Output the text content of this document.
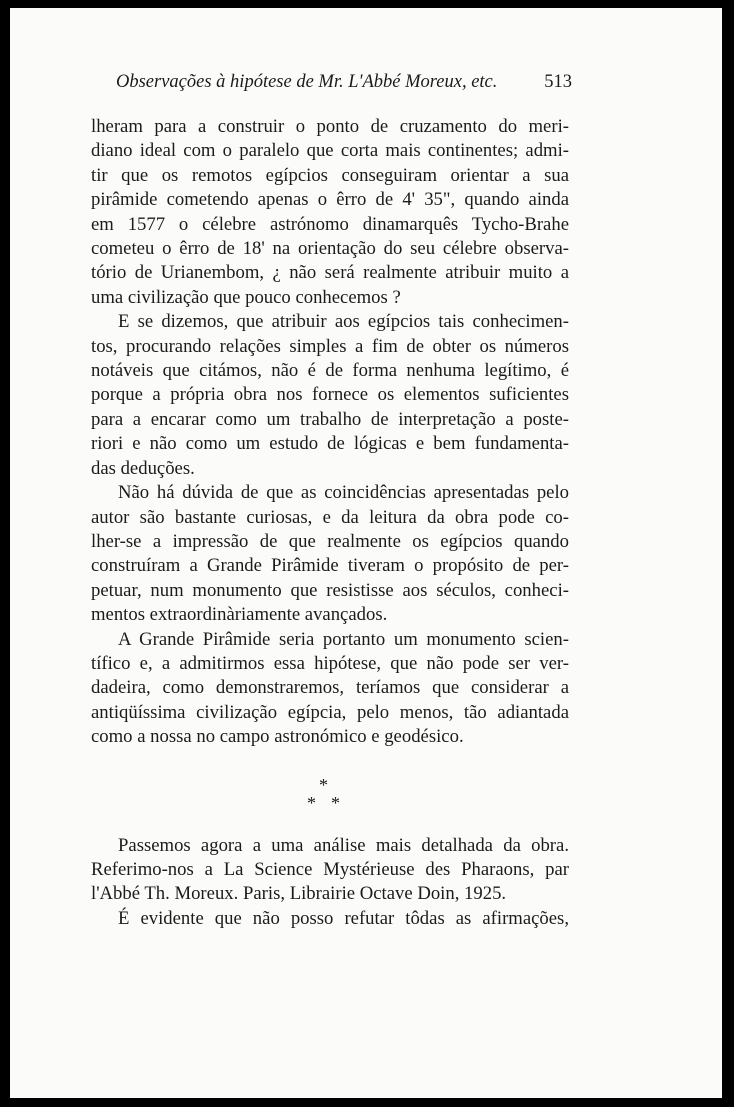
Observações à hipótese de Mr. L'Abbé Moreux, etc.	513
lheram para a construir o ponto de cruzamento do meri-
diano ideal com o paralelo que corta mais continentes; admi-
tir que os remotos egípcios conseguiram orientar a sua
pirâmide cometendo apenas o êrro de 4' 35", quando ainda
em 1577 o célebre astrónomo dinamarquês Tycho-Brahe
cometeu o êrro de 18' na orientação do seu célebre observa-
tório de Urianembom, ¿ não será realmente atribuir muito a
uma civilização que pouco conhecemos ?
E se dizemos, que atribuir aos egípcios tais conhecimen-
tos, procurando relações simples a fim de obter os números
notáveis que citámos, não é de forma nenhuma legítimo, é
porque a própria obra nos fornece os elementos suficientes
para a encarar como um trabalho de interpretação a poste-
riori e não como um estudo de lógicas e bem fundamenta-
das deduções.
Não há dúvida de que as coincidências apresentadas pelo
autor são bastante curiosas, e da leitura da obra pode co-
lher-se a impressão de que realmente os egípcios quando
construíram a Grande Pirâmide tiveram o propósito de per-
petuar, num monumento que resistisse aos séculos, conheci-
mentos extraordinàriamente avançados.
A Grande Pirâmide seria portanto um monumento scien-
tífico e, a admitirmos essa hipótese, que não pode ser ver-
dadeira, como demonstraremos, teríamos que considerar a
antiqüíssima civilização egípcia, pelo menos, tão adiantada
como a nossa no campo astronómico e geodésico.
*
* *
Passemos agora a uma análise mais detalhada da obra.
Referimo-nos a La Science Mystérieuse des Pharaons, par
l'Abbé Th. Moreux. Paris, Librairie Octave Doin, 1925.
É evidente que não posso refutar tôdas as afirmações,
